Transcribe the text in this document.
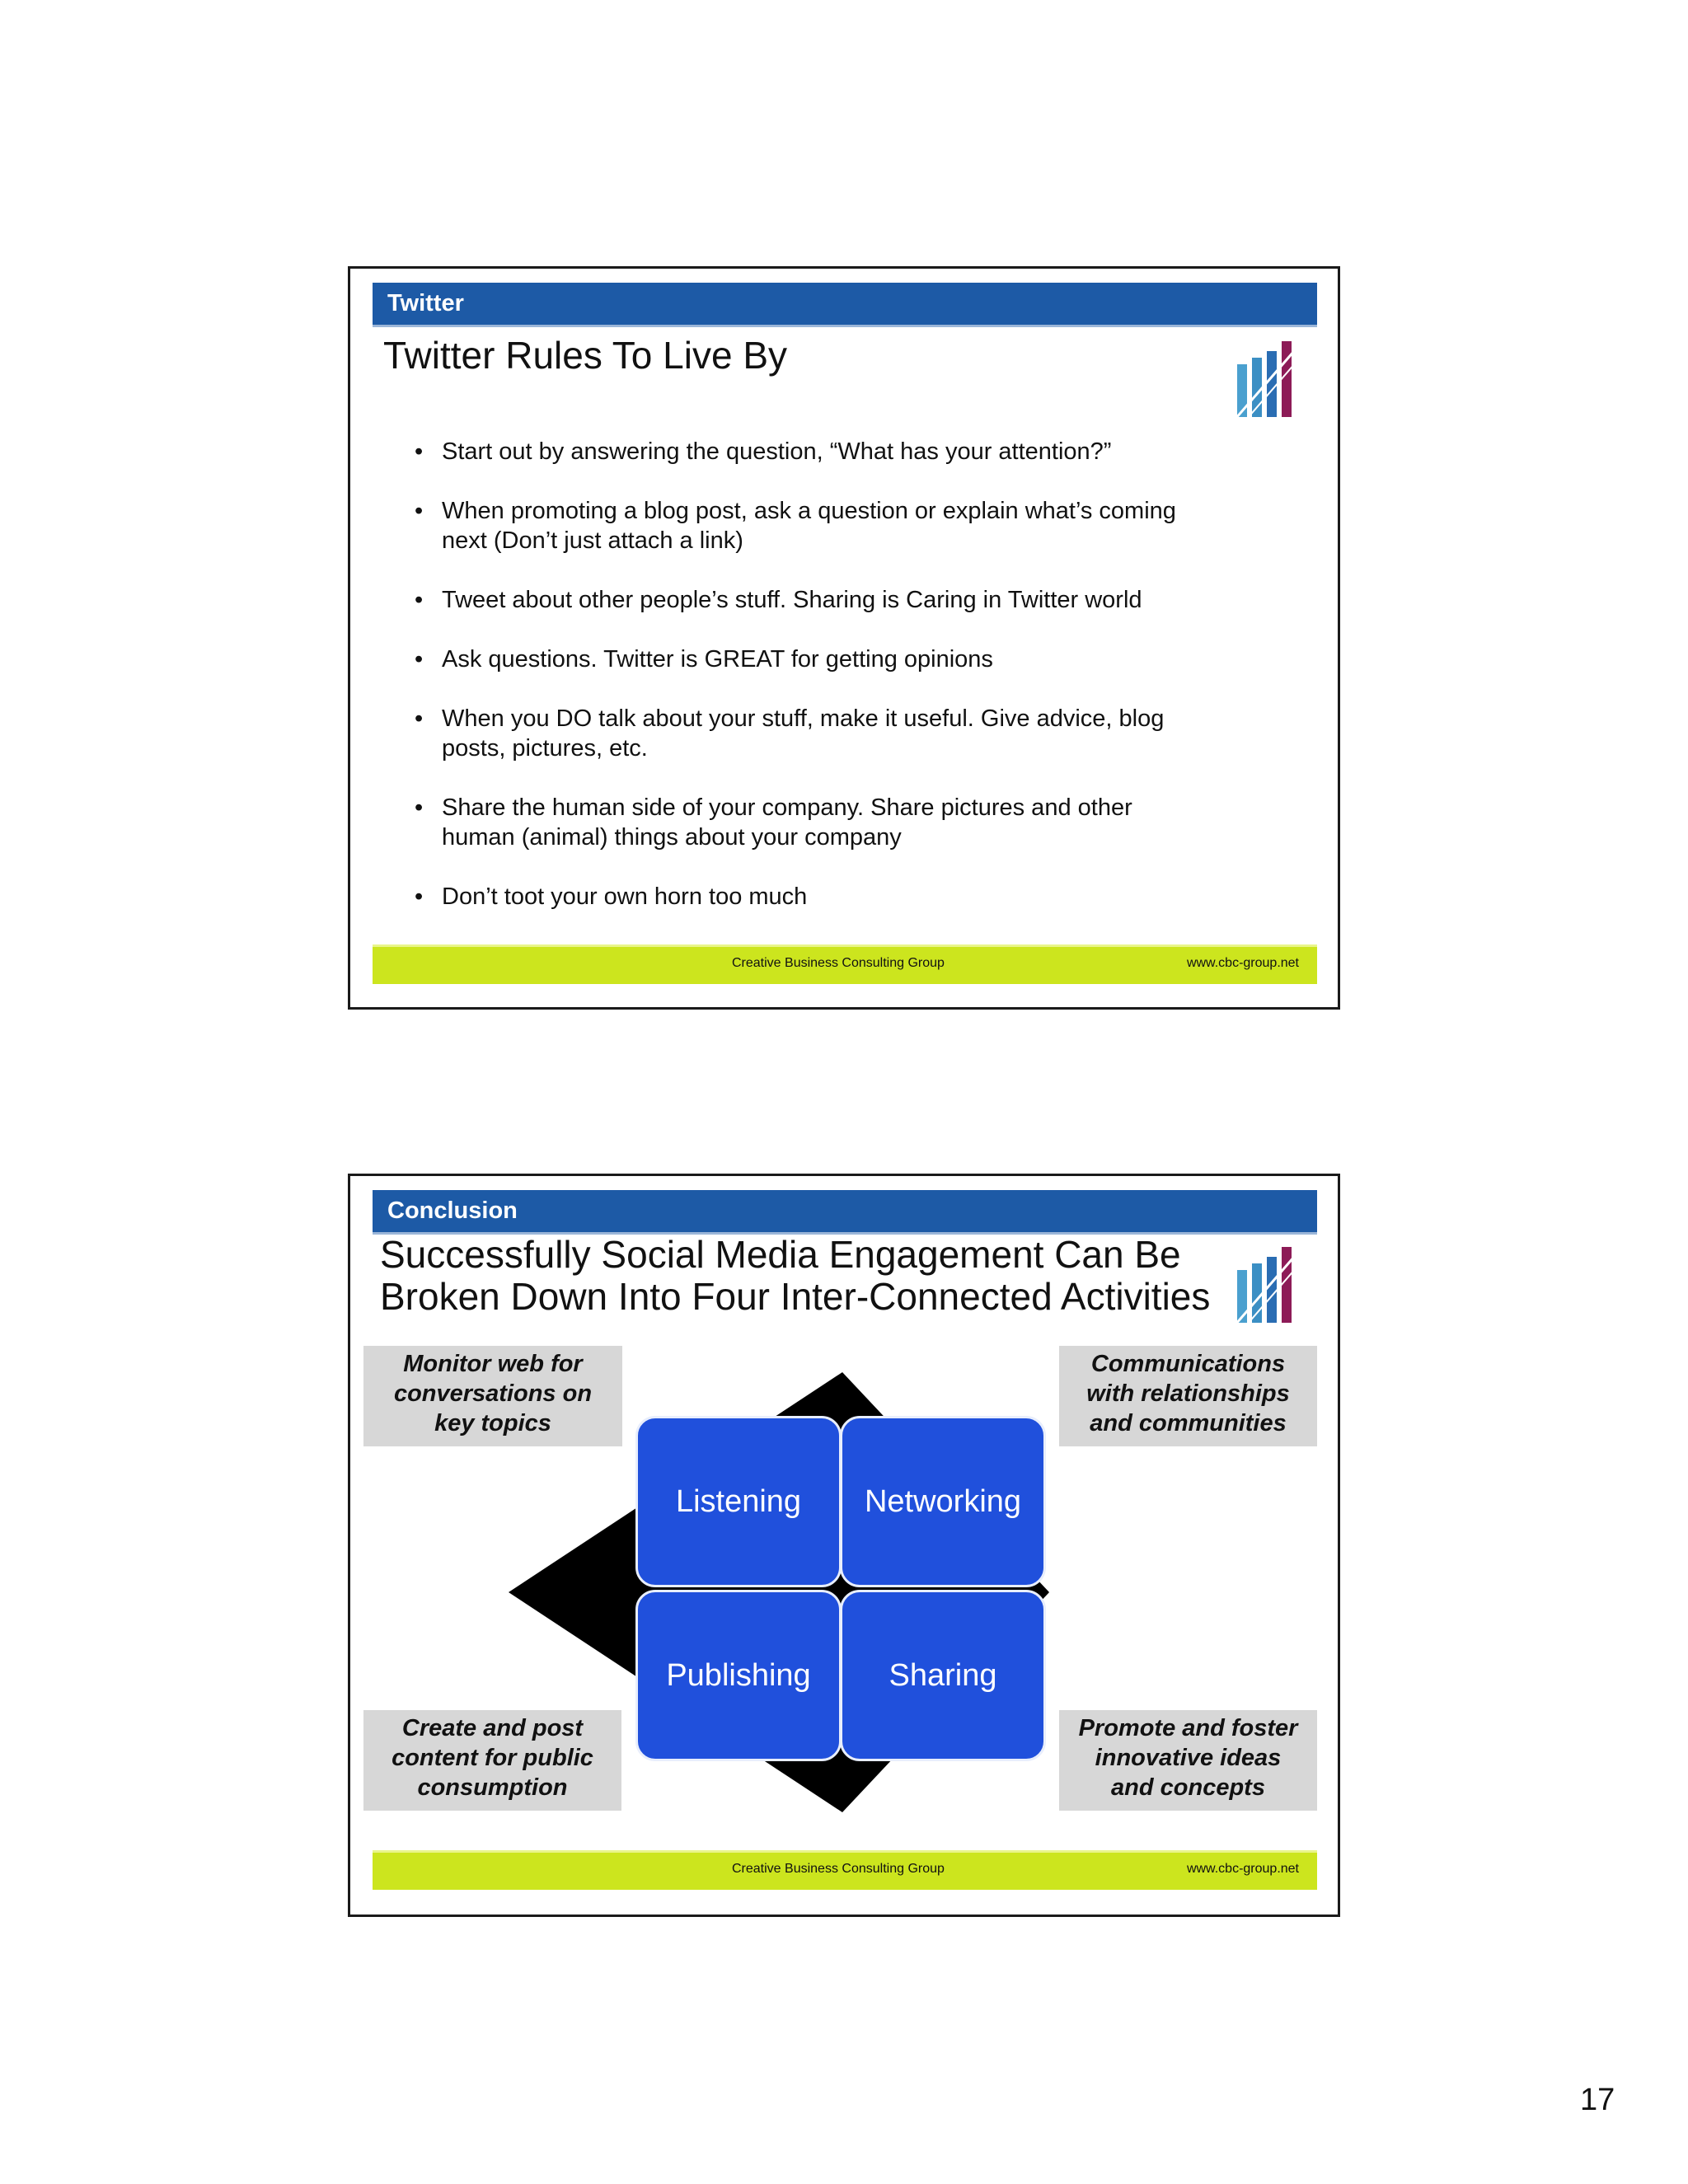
Twitter
Twitter Rules To Live By
• Start out by answering the question, “What has your attention?”
• When promoting a blog post, ask a question or explain what’s coming
next (Don’t just attach a link)
• Tweet about other people’s stuff. Sharing is Caring in Twitter world
• Ask questions. Twitter is GREAT for getting opinions
• When you DO talk about your stuff, make it useful. Give advice, blog
posts, pictures, etc.
• Share the human side of your company. Share pictures and other
human (animal) things about your company
• Don’t toot your own horn too much
Creative Business Consulting Group	www.cbc-group.net
Conclusion
Successfully Social Media Engagement Can Be
Broken Down Into Four Inter-Connected Activities
Monitor web for
conversations on
key topics
Communications
with relationships
and communities
Create and post
content for public
consumption
Promote and foster
innovative ideas
and concepts
Listening	Networking
Publishing	Sharing
Creative Business Consulting Group	www.cbc-group.net
17
